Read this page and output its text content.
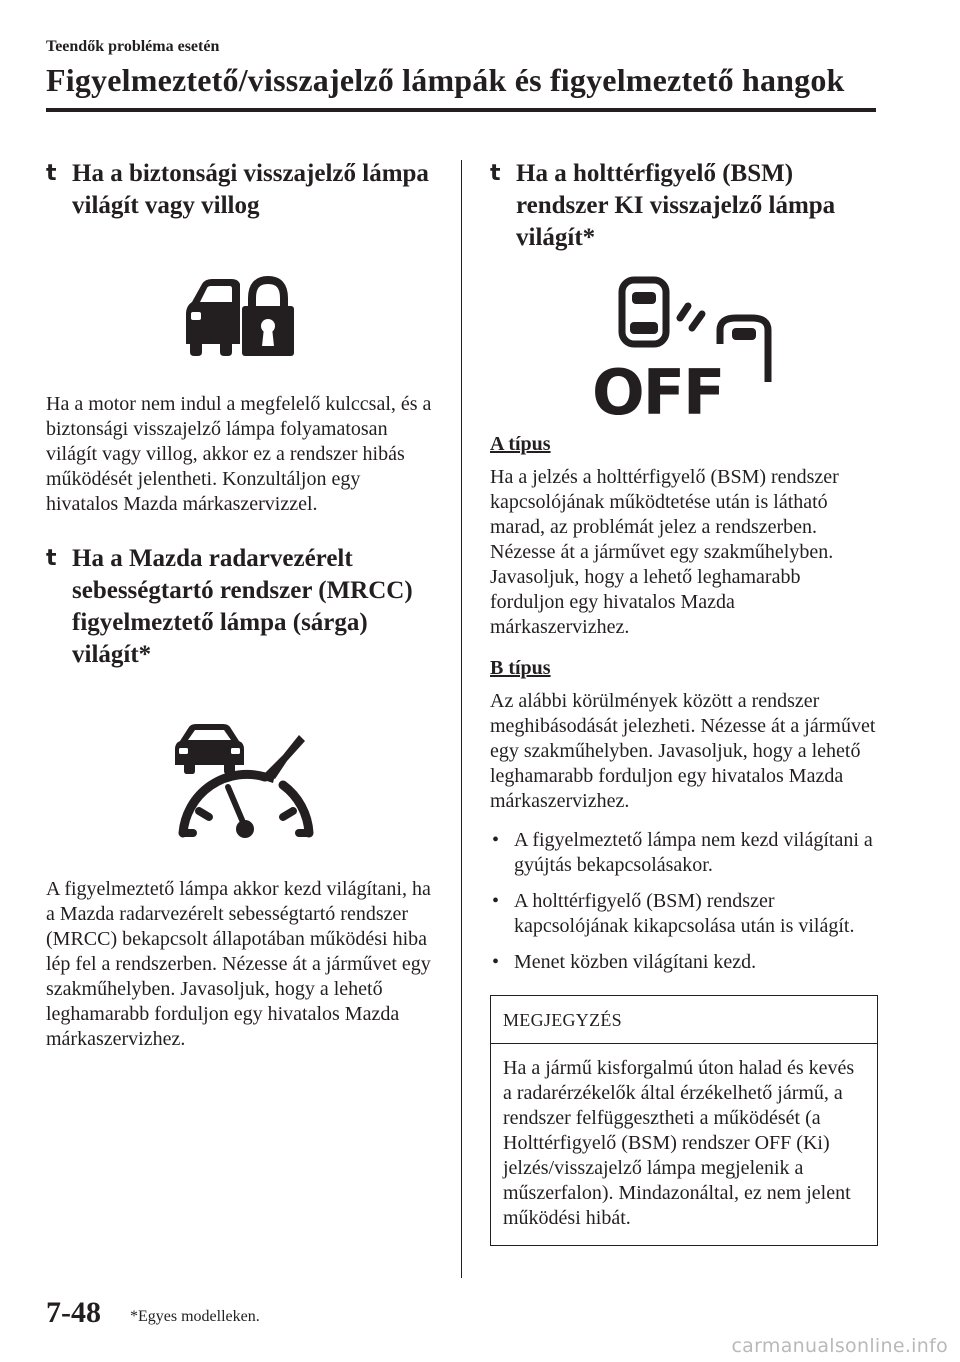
Teendők probléma esetén
Figyelmeztető/visszajelző lámpák és figyelmeztető hangok
t Ha a biztonsági visszajelző lámpa világít vagy villog

Ha a motor nem indul a megfelelő kulccsal, és a biztonsági visszajelző lámpa folyamatosan világít vagy villog, akkor ez a rendszer hibás működését jelentheti. Konzultáljon egy hivatalos Mazda márkaszervizzel.

t Ha a Mazda radarvezérelt sebességtartó rendszer (MRCC) figyelmeztető lámpa (sárga) világít*

A figyelmeztető lámpa akkor kezd világítani, ha a Mazda radarvezérelt sebességtartó rendszer (MRCC) bekapcsolt állapotában működési hiba lép fel a rendszerben. Nézesse át a járművet egy szakműhelyben. Javasoljuk, hogy a lehető leghamarabb forduljon egy hivatalos Mazda márkaszervizhez.

t Ha a holttérfigyelő (BSM) rendszer KI visszajelző lámpa világít*
OFF

A típus

Ha a jelzés a holttérfigyelő (BSM) rendszer kapcsolójának működtetése után is látható marad, az problémát jelez a rendszerben. Nézesse át a járművet egy szakműhelyben. Javasoljuk, hogy a lehető leghamarabb forduljon egy hivatalos Mazda márkaszervizhez.

B típus

Az alábbi körülmények között a rendszer meghibásodását jelezheti. Nézesse át a járművet egy szakműhelyben. Javasoljuk, hogy a lehető leghamarabb forduljon egy hivatalos Mazda márkaszervizhez.

• A figyelmeztető lámpa nem kezd világítani a gyújtás bekapcsolásakor.
• A holttérfigyelő (BSM) rendszer kapcsolójának kikapcsolása után is világít.
• Menet közben világítani kezd.
MEGJEGYZÉS
Ha a jármű kisforgalmú úton halad és kevés a radarérzékelők által érzékelhető jármű, a rendszer felfüggesztheti a működését (a Holttérfigyelő (BSM) rendszer OFF (Ki) jelzés/visszajelző lámpa megjelenik a műszerfalon). Mindazonáltal, ez nem jelent működési hibát.
7-48 *Egyes modelleken.
carmanualsonline.info
